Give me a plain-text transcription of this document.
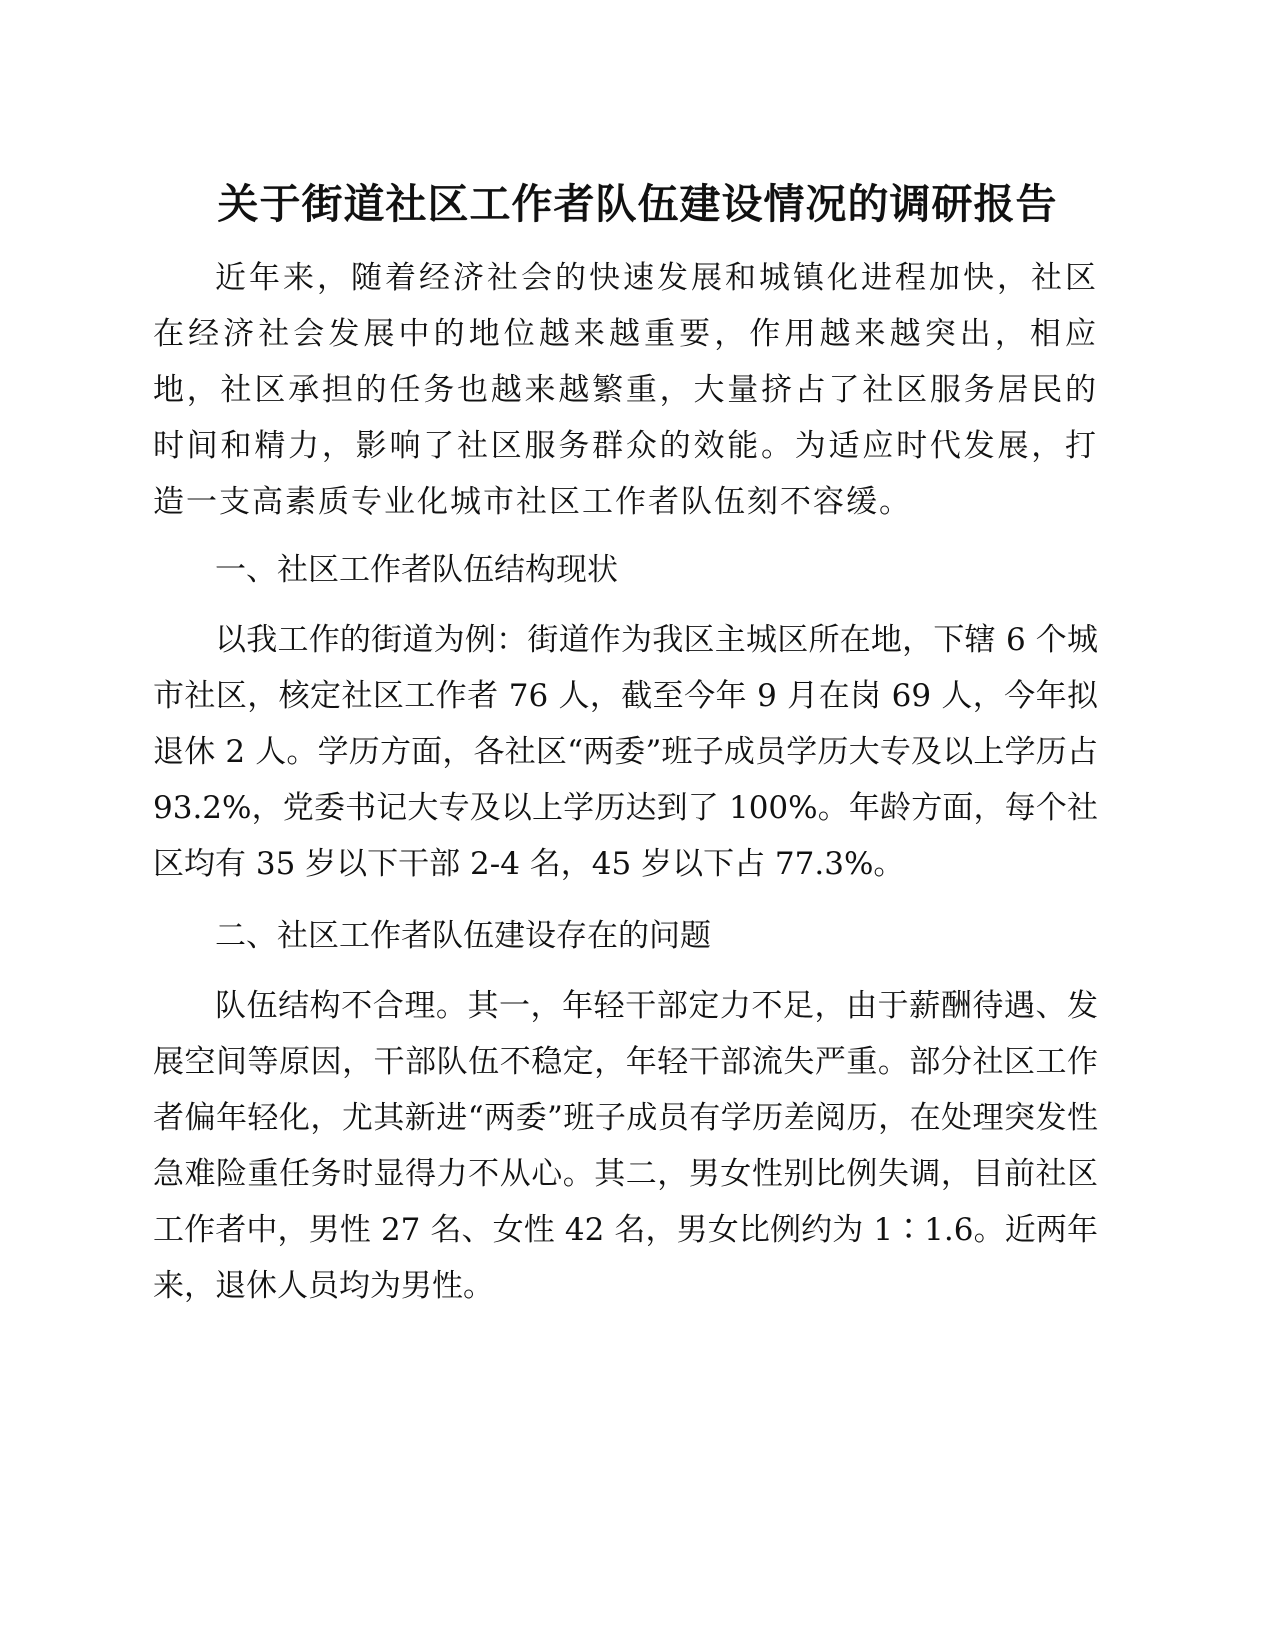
关于街道社区工作者队伍建设情况的调研报告

近年来，随着经济社会的快速发展和城镇化进程加快，社区在经济社会发展中的地位越来越重要，作用越来越突出，相应地，社区承担的任务也越来越繁重，大量挤占了社区服务居民的时间和精力，影响了社区服务群众的效能。为适应时代发展，打造一支高素质专业化城市社区工作者队伍刻不容缓。

一、社区工作者队伍结构现状

以我工作的街道为例：街道作为我区主城区所在地，下辖 6 个城市社区，核定社区工作者 76 人，截至今年 9 月在岗 69 人，今年拟退休 2 人。学历方面，各社区“两委”班子成员学历大专及以上学历占 93.2%，党委书记大专及以上学历达到了 100%。年龄方面，每个社区均有 35 岁以下干部 2-4 名，45 岁以下占 77.3%。

二、社区工作者队伍建设存在的问题

队伍结构不合理。其一，年轻干部定力不足，由于薪酬待遇、发展空间等原因，干部队伍不稳定，年轻干部流失严重。部分社区工作者偏年轻化，尤其新进“两委”班子成员有学历差阅历，在处理突发性急难险重任务时显得力不从心。其二，男女性别比例失调，目前社区工作者中，男性 27 名、女性 42 名，男女比例约为 1∶1.6。近两年来，退休人员均为男性。
